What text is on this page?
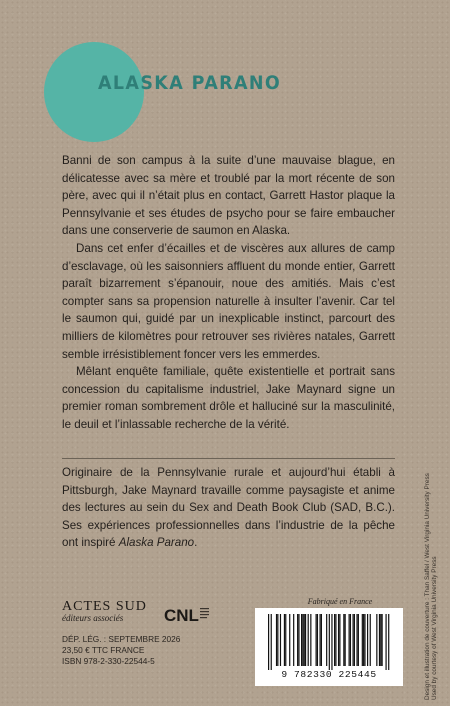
ALASKA PARANO

Banni de son campus à la suite d’une mauvaise blague, en délicatesse avec sa mère et troublé par la mort récente de son père, avec qui il n’était plus en contact, Garrett Hastor plaque la Pennsylvanie et ses études de psycho pour se faire embaucher dans une conserverie de saumon en Alaska.

Dans cet enfer d’écailles et de viscères aux allures de camp d’esclavage, où les saisonniers affluent du monde entier, Garrett paraît bizarrement s’épanouir, noue des amitiés. Mais c’est compter sans sa propension naturelle à insulter l’avenir. Car tel le saumon qui, guidé par un inexplicable instinct, parcourt des milliers de kilomètres pour retrouver ses rivières natales, Garrett semble irrésistiblement foncer vers les emmerdes.

Mêlant enquête familiale, quête existentielle et portrait sans concession du capitalisme industriel, Jake Maynard signe un premier roman sombrement drôle et halluciné sur la masculinité, le deuil et l’inlassable recherche de la vérité.

Originaire de la Pennsylvanie rurale et aujourd’hui établi à Pittsburgh, Jake Maynard travaille comme paysagiste et anime des lectures au sein du Sex and Death Book Club (SAD, B.C.). Ses expériences professionnelles dans l’industrie de la pêche ont inspiré Alaska Parano.	Design et illustration de couverture : Than Saffel / West Virginia University Press Used by courtesy of West Virginia University Press
ACTES SUD
éditeurs associés	CNL
DÉP. LÉG. : SEPTEMBRE 2026
23,50 € TTC FRANCE
ISBN 978-2-330-22544-5
Fabriqué en France
9 782330 225445
